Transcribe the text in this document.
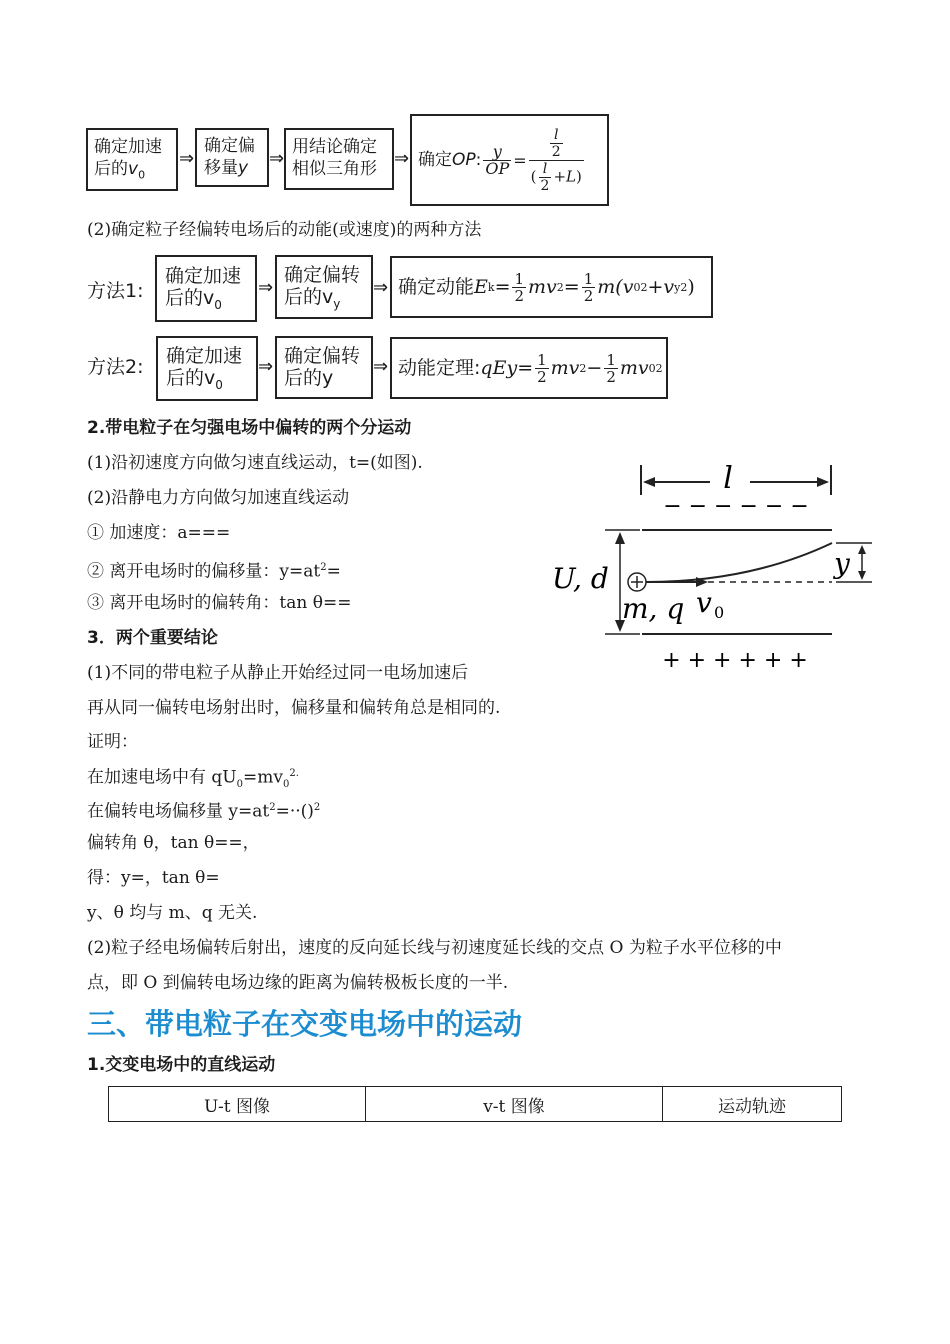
确定加速
后的$v_0$
⇒
确定偏
移量y	⇒
用结论确定
相似三角形 ⇒ 确定 OP : $\frac{y}{OP} = \frac{\frac{l}{2}}{( \frac{l}{2} +L)}$
(2)确定粒子经偏转电场后的动能(或速度)的两种方法
方法1:
确定加速
后的$v_0$
⇒
确定偏转
后的$v_y$
⇒ 确定动能 E $k = \frac{1}{2}$ mv $2 = \frac{1}{2} m(v$ 0 2 +v y 2 )
方法2: 确定加速
后的$v_0$
⇒ 确定偏转
后的y
⇒ 动能定理: qEy = $\frac{1}{2}$ mv $2 - \frac{1}{2}$ mv 0 2
2.带电粒子在匀强电场中偏转的两个分运动
(1)沿初速度方向做匀速直线运动，t=(如图).
(2)沿静电力方向做匀加速直线运动
① 加速度：a===
② 离开电场时的偏移量：$y=at^2=$
③ 离开电场时的偏转角：tan θ==
3．两个重要结论
(1)不同的带电粒子从静止开始经过同一电场加速后
再从同一偏转电场射出时，偏移量和偏转角总是相同的.
证明：
在加速电场中有 $qU_0=mv_0^{2.}$
在偏转电场偏移量 $y=at^2=\cdot\cdot()^2$
偏转角 θ，tan θ==，
得：y=，tan θ=
y、θ 均与 m、q 无关.
(2)粒子经电场偏转后射出，速度的反向延长线与初速度延长线的交点 O 为粒子水平位移的中
点，即 O 到偏转电场边缘的距离为偏转极板长度的一半.
l
− − − − − −
U, d	y
m, q v 0
+ + + + + +
三、带电粒子在交变电场中的运动
1.交变电场中的直线运动
U-t 图像	v-t 图像	运动轨迹
